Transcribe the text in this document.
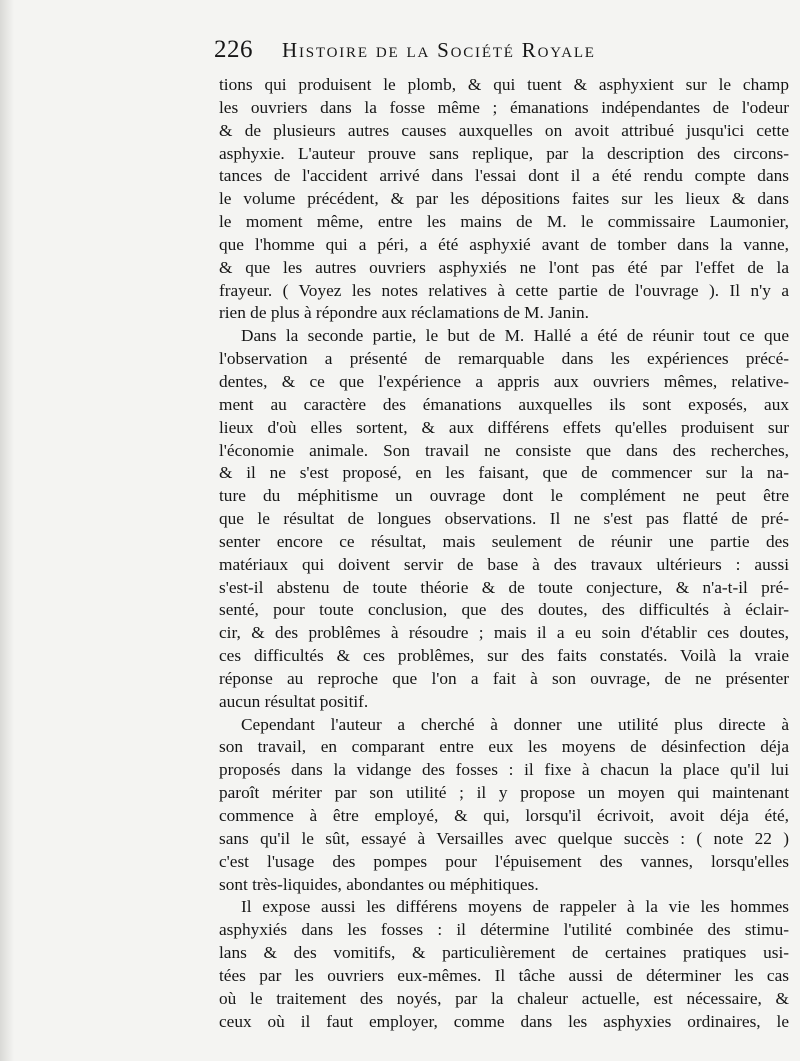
226 Histoire de la Société Royale
tions qui produisent le plomb, & qui tuent & asphyxient sur le champ
les ouvriers dans la fosse même ; émanations indépendantes de l'odeur
& de plusieurs autres causes auxquelles on avoit attribué jusqu'ici cette
asphyxie. L'auteur prouve sans replique, par la description des circons-
tances de l'accident arrivé dans l'essai dont il a été rendu compte dans
le volume précédent, & par les dépositions faites sur les lieux & dans
le moment même, entre les mains de M. le commissaire Laumonier,
que l'homme qui a péri, a été asphyxié avant de tomber dans la vanne,
& que les autres ouvriers asphyxiés ne l'ont pas été par l'effet de la
frayeur. ( Voyez les notes relatives à cette partie de l'ouvrage ). Il n'y a
rien de plus à répondre aux réclamations de M. Janin.
Dans la seconde partie, le but de M. Hallé a été de réunir tout ce que
l'observation a présenté de remarquable dans les expériences précé-
dentes, & ce que l'expérience a appris aux ouvriers mêmes, relative-
ment au caractère des émanations auxquelles ils sont exposés, aux
lieux d'où elles sortent, & aux différens effets qu'elles produisent sur
l'économie animale. Son travail ne consiste que dans des recherches,
& il ne s'est proposé, en les faisant, que de commencer sur la na-
ture du méphitisme un ouvrage dont le complément ne peut être
que le résultat de longues observations. Il ne s'est pas flatté de pré-
senter encore ce résultat, mais seulement de réunir une partie des
matériaux qui doivent servir de base à des travaux ultérieurs : aussi
s'est-il abstenu de toute théorie & de toute conjecture, & n'a-t-il pré-
senté, pour toute conclusion, que des doutes, des difficultés à éclair-
cir, & des problêmes à résoudre ; mais il a eu soin d'établir ces doutes,
ces difficultés & ces problêmes, sur des faits constatés. Voilà la vraie
réponse au reproche que l'on a fait à son ouvrage, de ne présenter
aucun résultat positif.
Cependant l'auteur a cherché à donner une utilité plus directe à
son travail, en comparant entre eux les moyens de désinfection déja
proposés dans la vidange des fosses : il fixe à chacun la place qu'il lui
paroît mériter par son utilité ; il y propose un moyen qui maintenant
commence à être employé, & qui, lorsqu'il écrivoit, avoit déja été,
sans qu'il le sût, essayé à Versailles avec quelque succès : ( note 22 )
c'est l'usage des pompes pour l'épuisement des vannes, lorsqu'elles
sont très-liquides, abondantes ou méphitiques.
Il expose aussi les différens moyens de rappeler à la vie les hommes
asphyxiés dans les fosses : il détermine l'utilité combinée des stimu-
lans & des vomitifs, & particulièrement de certaines pratiques usi-
tées par les ouvriers eux-mêmes. Il tâche aussi de déterminer les cas
où le traitement des noyés, par la chaleur actuelle, est nécessaire, &
ceux où il faut employer, comme dans les asphyxies ordinaires, le
